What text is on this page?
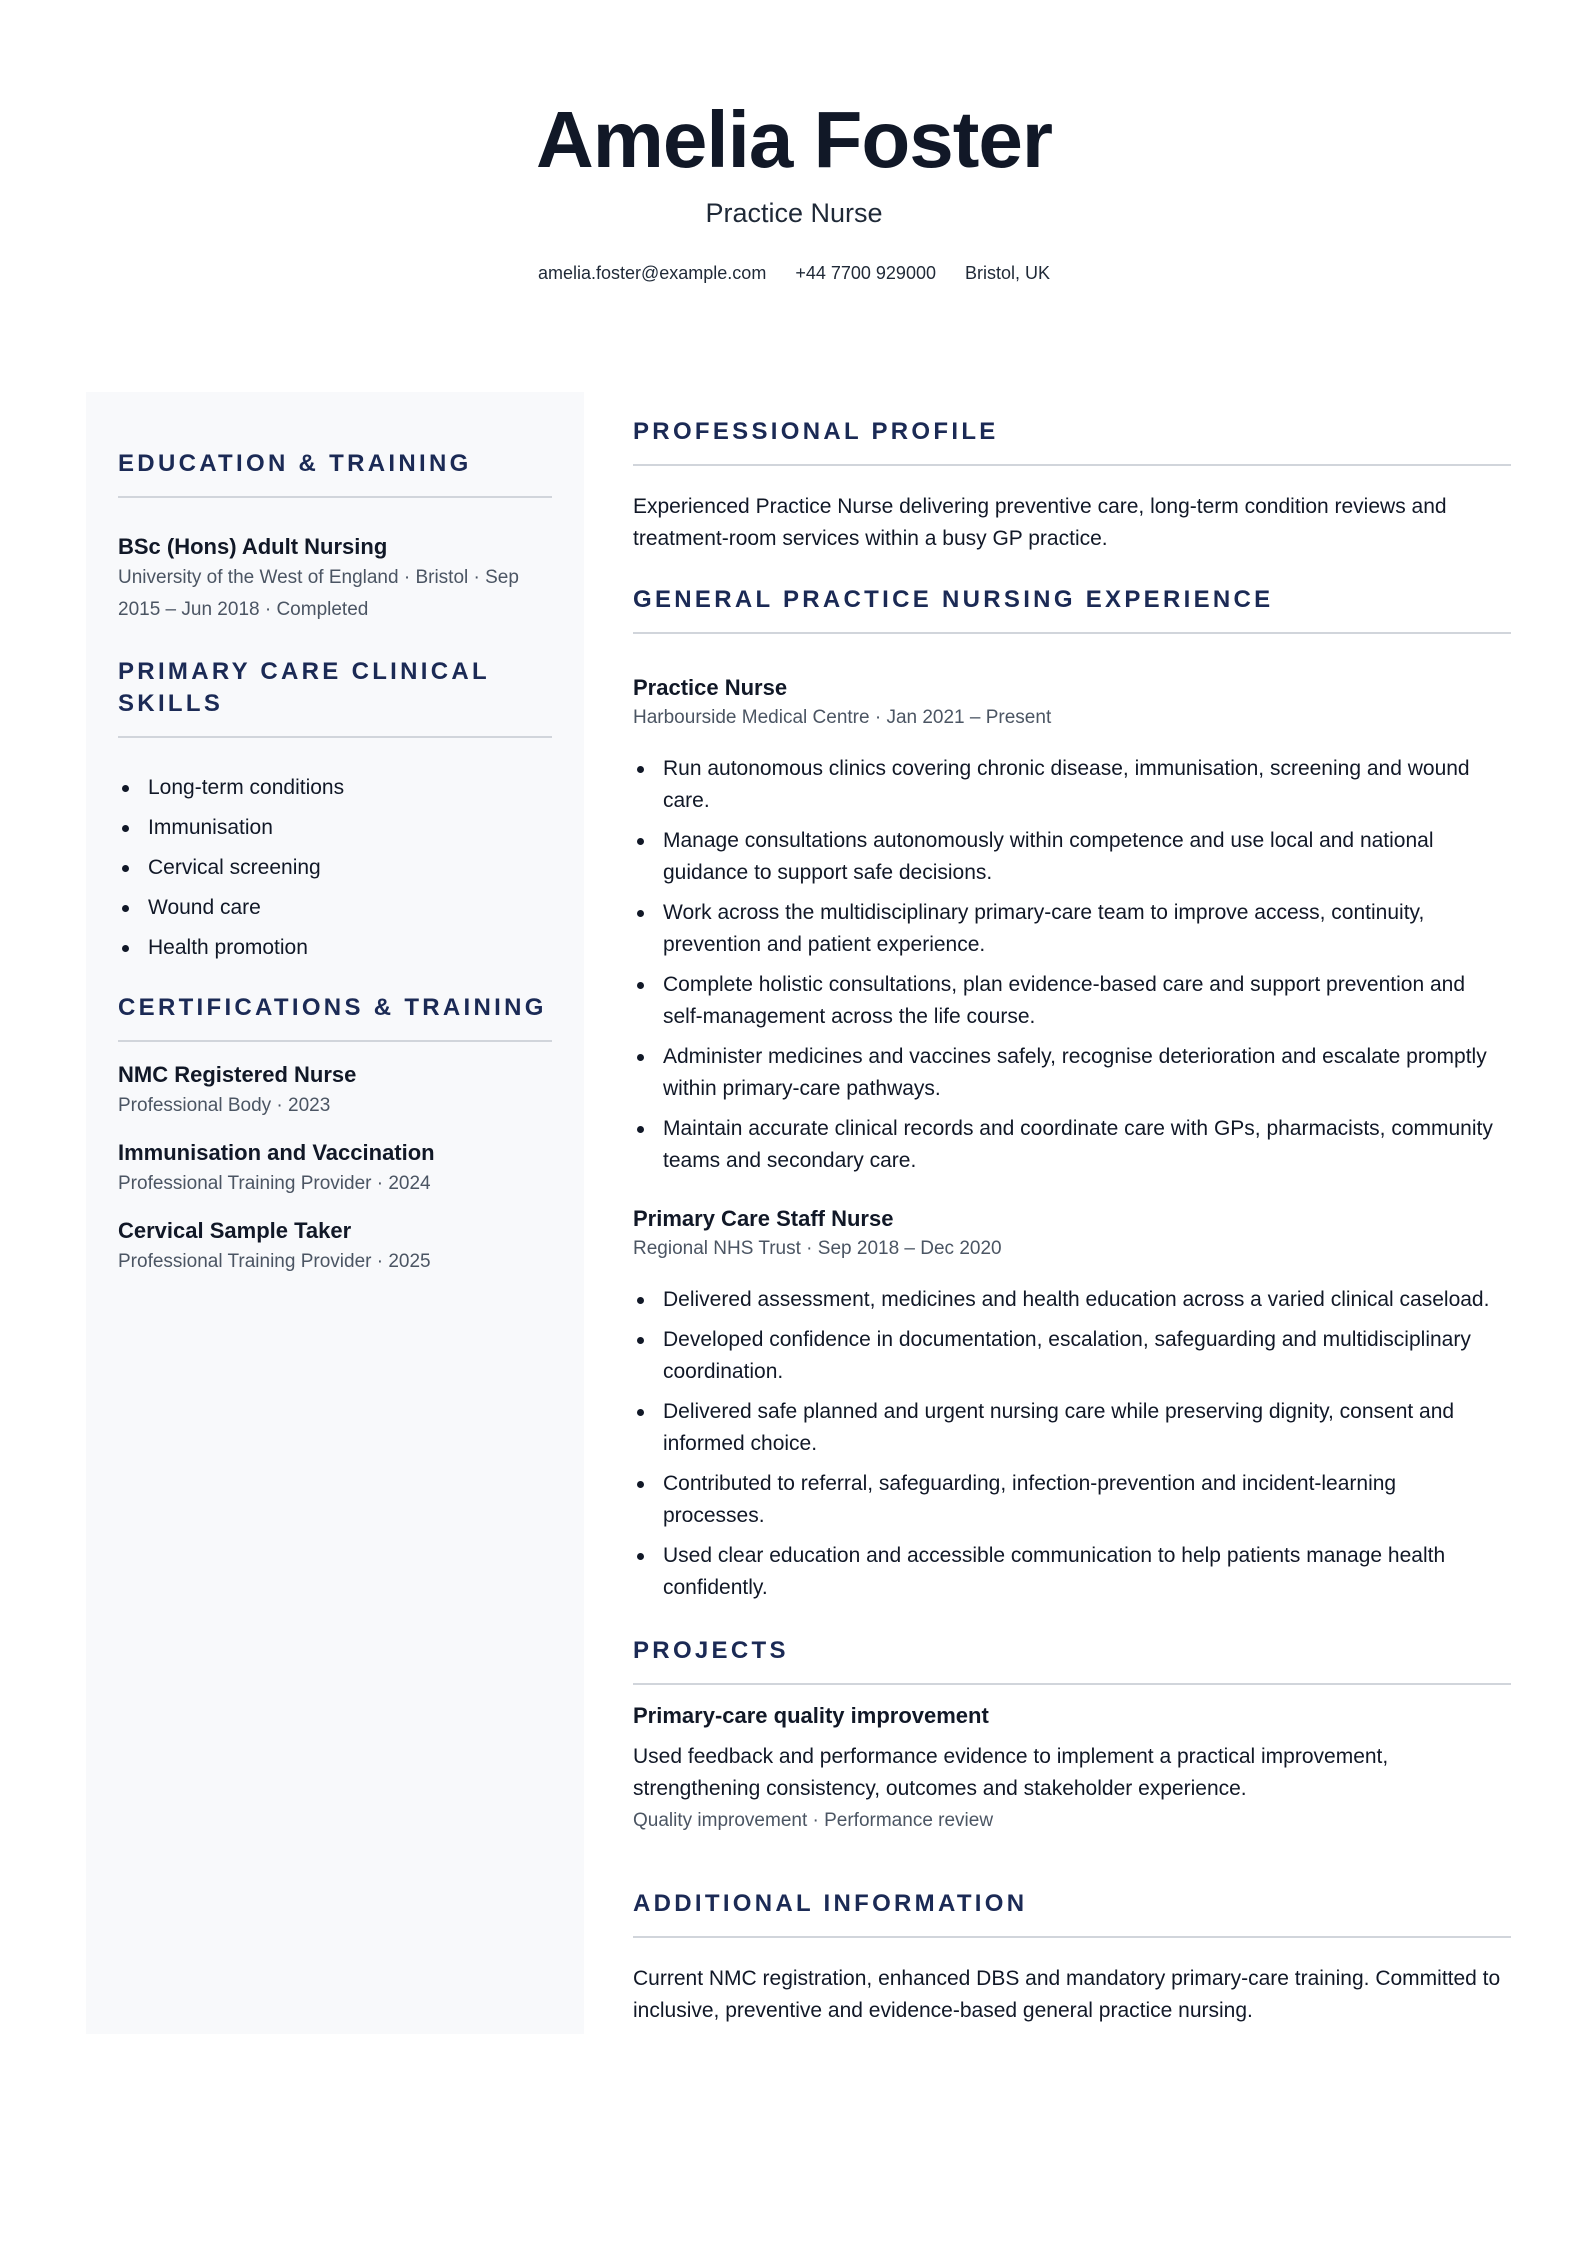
Amelia Foster
Practice Nurse
amelia.foster@example.com +44 7700 929000 Bristol, UK
EDUCATION & TRAINING
BSc (Hons) Adult Nursing
University of the West of England · Bristol · Sep
2015 – Jun 2018 · Completed
PRIMARY CARE CLINICAL
SKILLS
Long-term conditions
Immunisation
Cervical screening
Wound care
Health promotion
CERTIFICATIONS & TRAINING
NMC Registered Nurse
Professional Body · 2023
Immunisation and Vaccination
Professional Training Provider · 2024
Cervical Sample Taker
Professional Training Provider · 2025
PROFESSIONAL PROFILE
Experienced Practice Nurse delivering preventive care, long-term condition reviews and
treatment-room services within a busy GP practice.
GENERAL PRACTICE NURSING EXPERIENCE
Practice Nurse
Harbourside Medical Centre · Jan 2021 – Present
Run autonomous clinics covering chronic disease, immunisation, screening and wound
care.
Manage consultations autonomously within competence and use local and national
guidance to support safe decisions.
Work across the multidisciplinary primary-care team to improve access, continuity,
prevention and patient experience.
Complete holistic consultations, plan evidence-based care and support prevention and
self-management across the life course.
Administer medicines and vaccines safely, recognise deterioration and escalate promptly
within primary-care pathways.
Maintain accurate clinical records and coordinate care with GPs, pharmacists, community
teams and secondary care.
Primary Care Staff Nurse
Regional NHS Trust · Sep 2018 – Dec 2020
Delivered assessment, medicines and health education across a varied clinical caseload.
Developed confidence in documentation, escalation, safeguarding and multidisciplinary
coordination.
Delivered safe planned and urgent nursing care while preserving dignity, consent and
informed choice.
Contributed to referral, safeguarding, infection-prevention and incident-learning
processes.
Used clear education and accessible communication to help patients manage health
confidently.
PROJECTS
Primary-care quality improvement
Used feedback and performance evidence to implement a practical improvement,
strengthening consistency, outcomes and stakeholder experience.
Quality improvement · Performance review
ADDITIONAL INFORMATION
Current NMC registration, enhanced DBS and mandatory primary-care training. Committed to
inclusive, preventive and evidence-based general practice nursing.
